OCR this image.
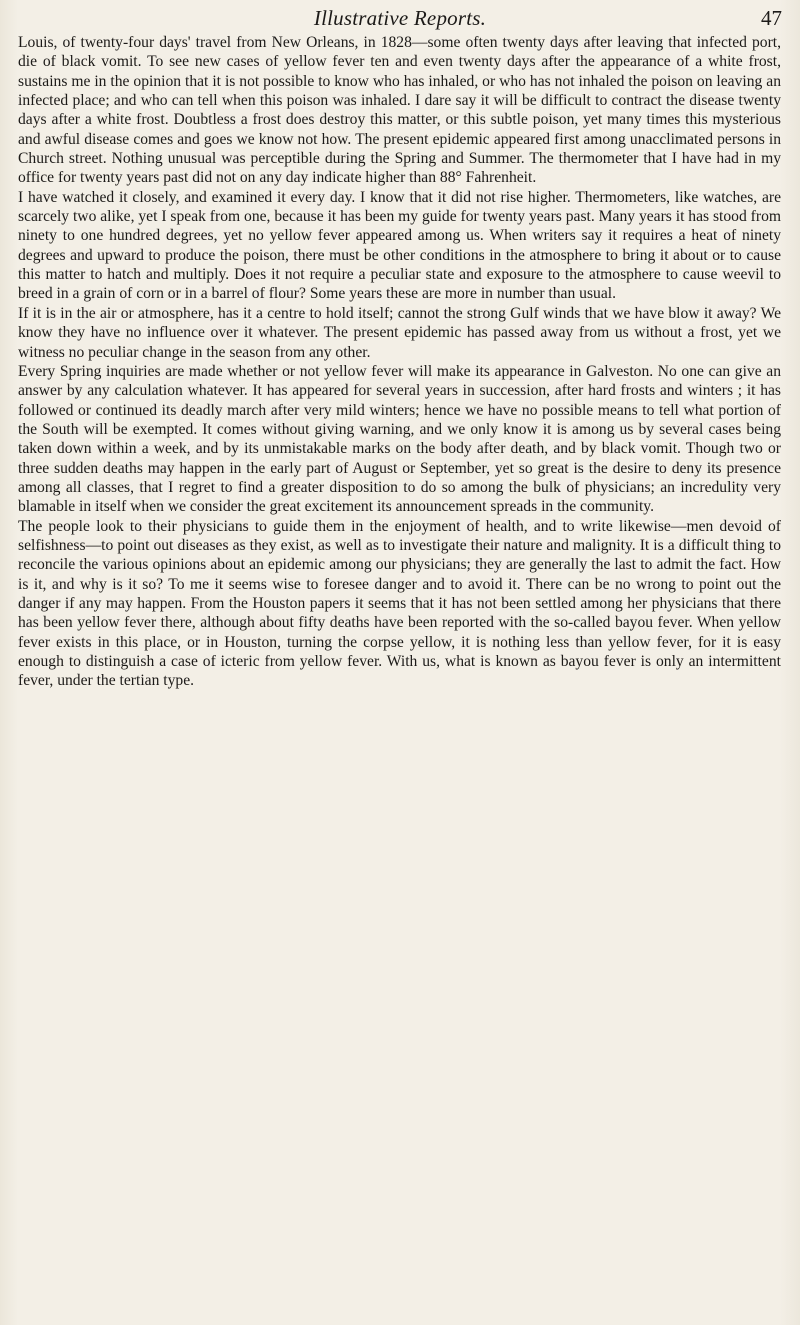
Illustrative Reports.	47

Louis, of twenty-four days' travel from New Orleans, in 1828—some often twenty days after leaving that infected port, die of black vomit. To see new cases of yellow fever ten and even twenty days after the appearance of a white frost, sustains me in the opinion that it is not possible to know who has inhaled, or who has not inhaled the poison on leaving an infected place; and who can tell when this poison was inhaled. I dare say it will be difficult to contract the disease twenty days after a white frost. Doubtless a frost does destroy this matter, or this subtle poison, yet many times this mysterious and awful disease comes and goes we know not how. The present epidemic appeared first among unacclimated persons in Church street. Nothing unusual was perceptible during the Spring and Summer. The thermometer that I have had in my office for twenty years past did not on any day indicate higher than 88° Fahrenheit.

I have watched it closely, and examined it every day. I know that it did not rise higher. Thermometers, like watches, are scarcely two alike, yet I speak from one, because it has been my guide for twenty years past. Many years it has stood from ninety to one hundred degrees, yet no yellow fever appeared among us. When writers say it requires a heat of ninety degrees and upward to produce the poison, there must be other conditions in the atmosphere to bring it about or to cause this matter to hatch and multiply. Does it not require a peculiar state and exposure to the atmosphere to cause weevil to breed in a grain of corn or in a barrel of flour? Some years these are more in number than usual.

If it is in the air or atmosphere, has it a centre to hold itself; cannot the strong Gulf winds that we have blow it away? We know they have no influence over it whatever. The present epidemic has passed away from us without a frost, yet we witness no peculiar change in the season from any other.

Every Spring inquiries are made whether or not yellow fever will make its appearance in Galveston. No one can give an answer by any calculation whatever. It has appeared for several years in succession, after hard frosts and winters ; it has followed or continued its deadly march after very mild winters; hence we have no possible means to tell what portion of the South will be exempted. It comes without giving warning, and we only know it is among us by several cases being taken down within a week, and by its unmistakable marks on the body after death, and by black vomit. Though two or three sudden deaths may happen in the early part of August or September, yet so great is the desire to deny its presence among all classes, that I regret to find a greater disposition to do so among the bulk of physicians; an incredulity very blamable in itself when we consider the great excitement its announcement spreads in the community.

The people look to their physicians to guide them in the enjoyment of health, and to write likewise—men devoid of selfishness—to point out diseases as they exist, as well as to investigate their nature and malignity. It is a difficult thing to reconcile the various opinions about an epidemic among our physicians; they are generally the last to admit the fact. How is it, and why is it so? To me it seems wise to foresee danger and to avoid it. There can be no wrong to point out the danger if any may happen. From the Houston papers it seems that it has not been settled among her physicians that there has been yellow fever there, although about fifty deaths have been reported with the so-called bayou fever. When yellow fever exists in this place, or in Houston, turning the corpse yellow, it is nothing less than yellow fever, for it is easy enough to distinguish a case of icteric from yellow fever. With us, what is known as bayou fever is only an intermittent fever, under the tertian type.
